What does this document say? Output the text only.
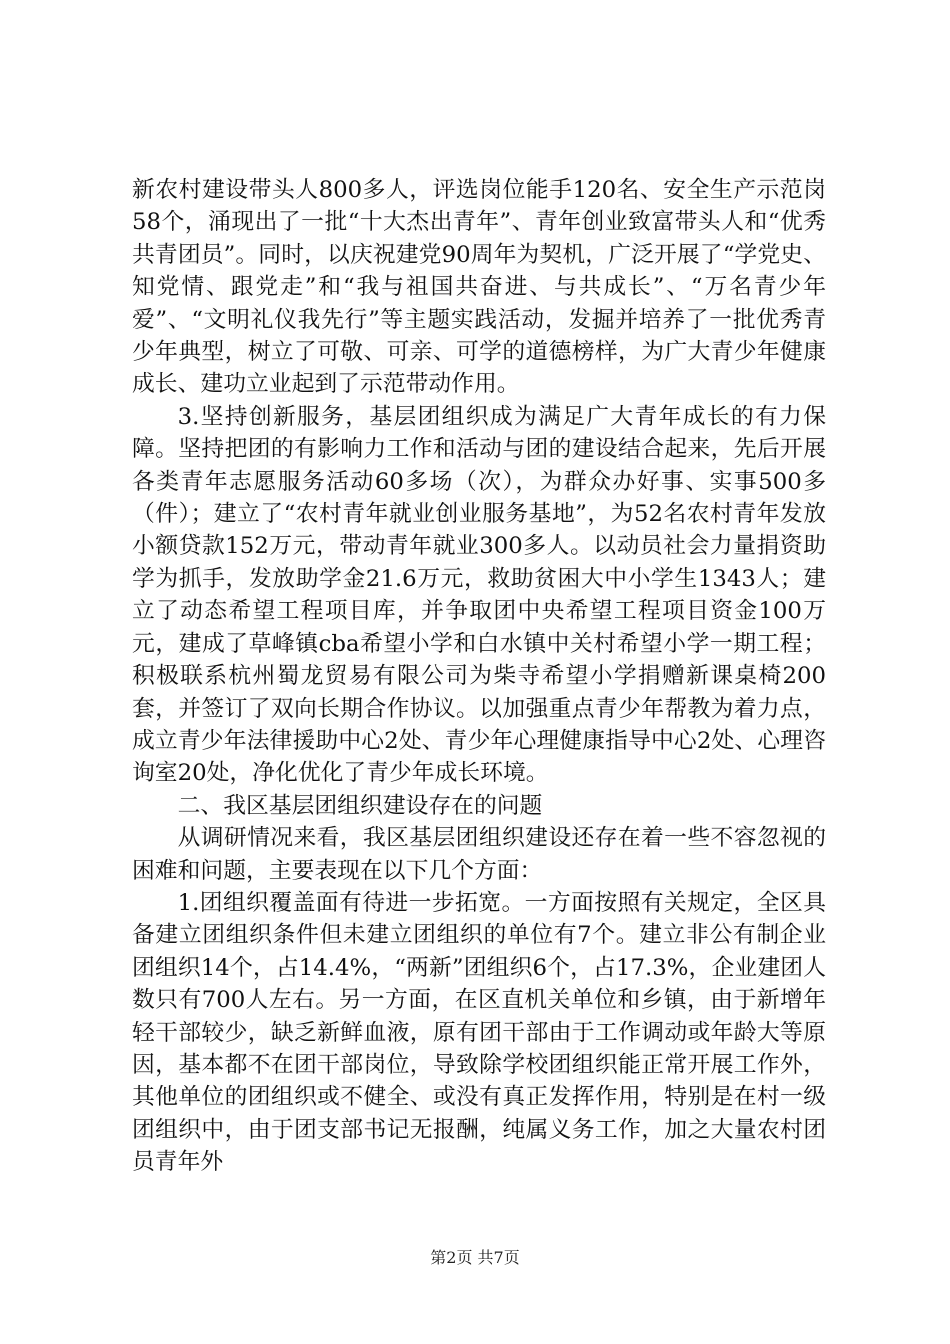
新农村建设带头人800多人，评选岗位能手120名、安全生产示范岗58个，涌现出了一批“十大杰出青年”、青年创业致富带头人和“优秀共青团员”。同时，以庆祝建党90周年为契机，广泛开展了“学党史、知党情、跟党走”和“我与祖国共奋进、与共成长”、“万名青少年爱”、“文明礼仪我先行”等主题实践活动，发掘并培养了一批优秀青少年典型，树立了可敬、可亲、可学的道德榜样，为广大青少年健康成长、建功立业起到了示范带动作用。

3.坚持创新服务，基层团组织成为满足广大青年成长的有力保障。坚持把团的有影响力工作和活动与团的建设结合起来，先后开展各类青年志愿服务活动60多场（次），为群众办好事、实事500多（件）；建立了“农村青年就业创业服务基地”，为52名农村青年发放小额贷款152万元，带动青年就业300多人。以动员社会力量捐资助学为抓手，发放助学金21.6万元，救助贫困大中小学生1343人；建立了动态希望工程项目库，并争取团中央希望工程项目资金100万元，建成了草峰镇cba希望小学和白水镇中关村希望小学一期工程；积极联系杭州蜀龙贸易有限公司为柴寺希望小学捐赠新课桌椅200套，并签订了双向长期合作协议。以加强重点青少年帮教为着力点，成立青少年法律援助中心2处、青少年心理健康指导中心2处、心理咨询室20处，净化优化了青少年成长环境。

二、我区基层团组织建设存在的问题

从调研情况来看，我区基层团组织建设还存在着一些不容忽视的困难和问题，主要表现在以下几个方面：

1.团组织覆盖面有待进一步拓宽。一方面按照有关规定，全区具备建立团组织条件但未建立团组织的单位有7个。建立非公有制企业团组织14个，占14.4%，“两新”团组织6个，占17.3%，企业建团人数只有700人左右。另一方面，在区直机关单位和乡镇，由于新增年轻干部较少，缺乏新鲜血液，原有团干部由于工作调动或年龄大等原因，基本都不在团干部岗位，导致除学校团组织能正常开展工作外，其他单位的团组织或不健全、或没有真正发挥作用，特别是在村一级团组织中，由于团支部书记无报酬，纯属义务工作，加之大量农村团员青年外

第2页 共7页
